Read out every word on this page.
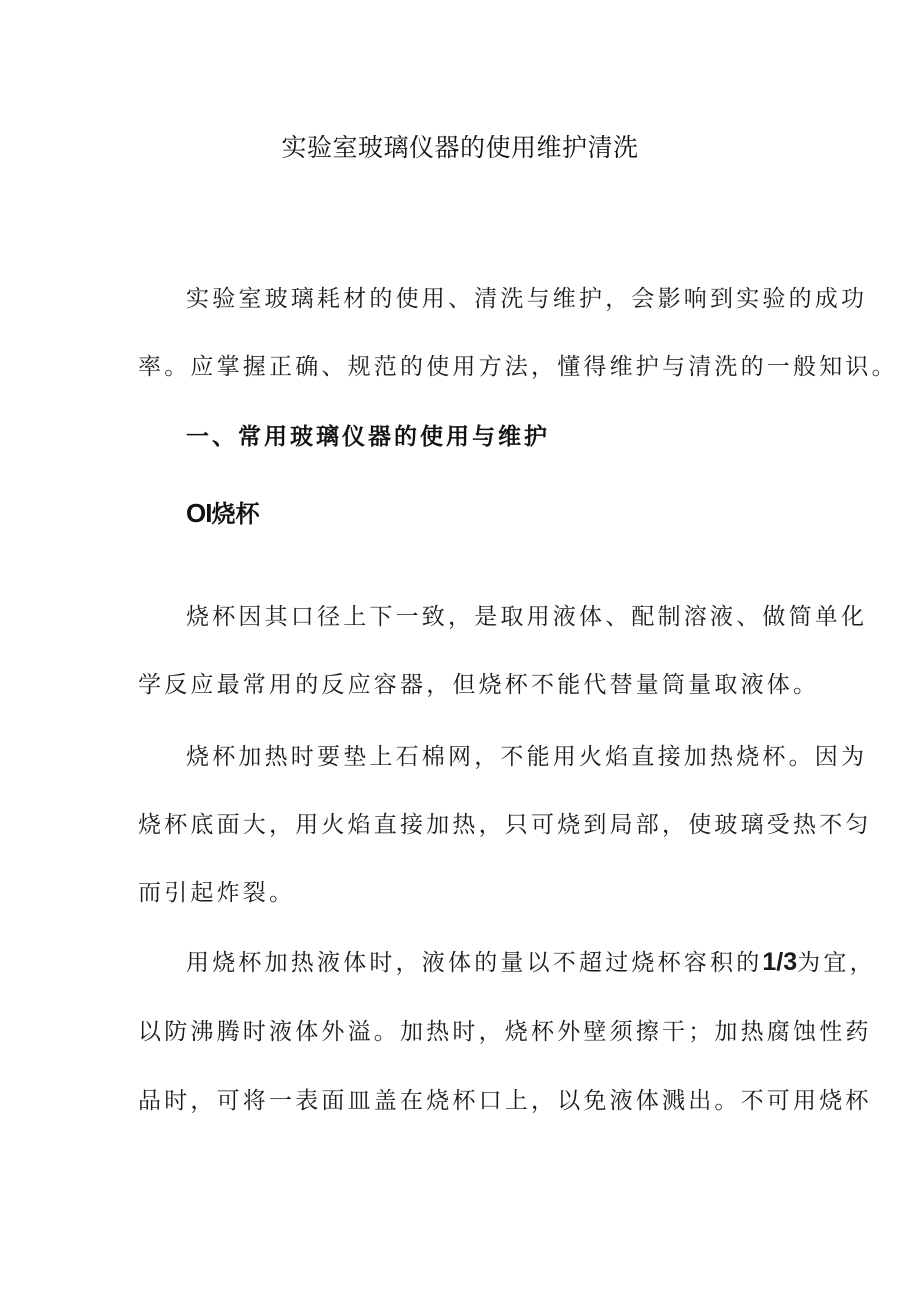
实验室玻璃仪器的使用维护清洗
实验室玻璃耗材的使用、清洗与维护，会影响到实验的成功
率。应掌握正确、规范的使用方法，懂得维护与清洗的一般知识。
一、常用玻璃仪器的使用与维护
OI烧杯
烧杯因其口径上下一致，是取用液体、配制溶液、做简单化
学反应最常用的反应容器，但烧杯不能代替量筒量取液体。
烧杯加热时要垫上石棉网，不能用火焰直接加热烧杯。因为
烧杯底面大，用火焰直接加热，只可烧到局部，使玻璃受热不匀
而引起炸裂。
用烧杯加热液体时，液体的量以不超过烧杯容积的1/3为宜，
以防沸腾时液体外溢。加热时，烧杯外壁须擦干；加热腐蚀性药
品时，可将一表面皿盖在烧杯口上，以免液体溅出。不可用烧杯
